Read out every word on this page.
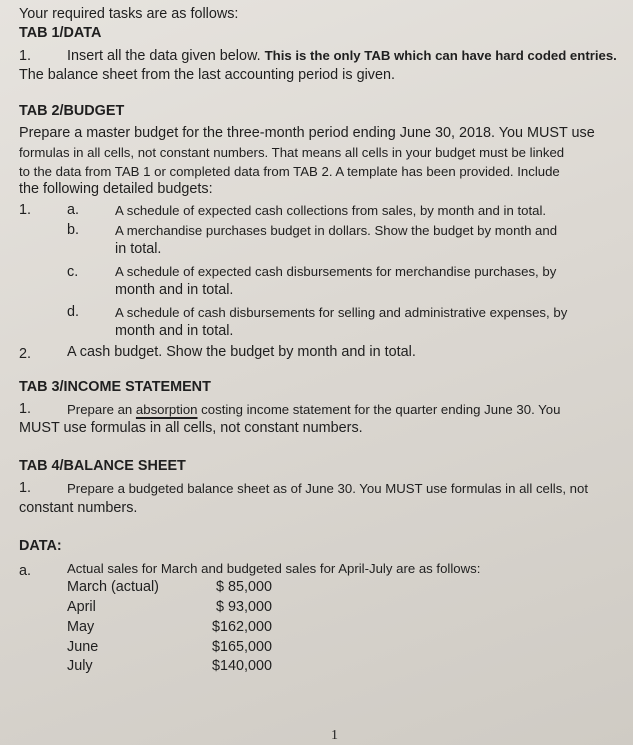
Your required tasks are as follows:
TAB 1/DATA
1. Insert all the data given below. This is the only TAB which can have hard coded entries.
The balance sheet from the last accounting period is given.
TAB 2/BUDGET
Prepare a master budget for the three-month period ending June 30, 2018. You MUST use
formulas in all cells, not constant numbers. That means all cells in your budget must be linked
to the data from TAB 1 or completed data from TAB 2. A template has been provided. Include
the following detailed budgets:
1. a.	A schedule of expected cash collections from sales, by month and in total.
b.	A merchandise purchases budget in dollars. Show the budget by month and
in total.
c.	A schedule of expected cash disbursements for merchandise purchases, by
month and in total.
d.	A schedule of cash disbursements for selling and administrative expenses, by
month and in total.
2. A cash budget. Show the budget by month and in total.
TAB 3/INCOME STATEMENT
1.	Prepare an absorption costing income statement for the quarter ending June 30. You
MUST use formulas in all cells, not constant numbers.
TAB 4/BALANCE SHEET
1.	Prepare a budgeted balance sheet as of June 30. You MUST use formulas in all cells, not
constant numbers.
DATA:
a.	Actual sales for March and budgeted sales for April-July are as follows:
March (actual)	$ 85,000
April	$ 93,000
May	$162,000
June	$165,000
July	$140,000
1
